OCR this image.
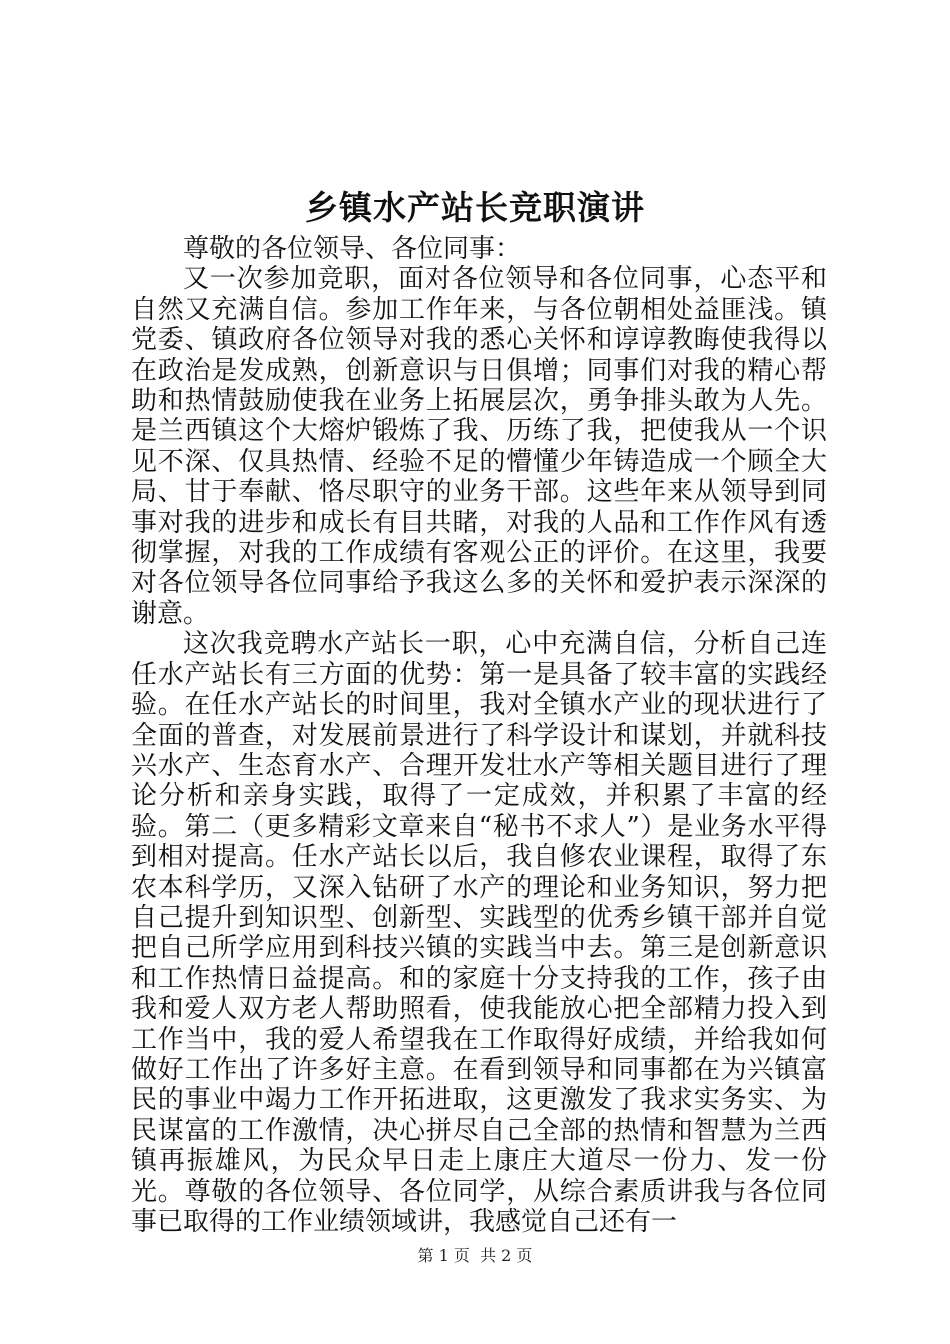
乡镇水产站长竞职演讲

尊敬的各位领导、各位同事：

又一次参加竞职，面对各位领导和各位同事，心态平和自然又充满自信。参加工作年来，与各位朝相处益匪浅。镇党委、镇政府各位领导对我的悉心关怀和谆谆教晦使我得以在政治是发成熟，创新意识与日俱增；同事们对我的精心帮助和热情鼓励使我在业务上拓展层次，勇争排头敢为人先。是兰西镇这个大熔炉锻炼了我、历练了我，把使我从一个识见不深、仅具热情、经验不足的懵懂少年铸造成一个顾全大局、甘于奉献、恪尽职守的业务干部。这些年来从领导到同事对我的进步和成长有目共睹，对我的人品和工作作风有透彻掌握，对我的工作成绩有客观公正的评价。在这里，我要对各位领导各位同事给予我这么多的关怀和爱护表示深深的谢意。

这次我竞聘水产站长一职，心中充满自信，分析自己连任水产站长有三方面的优势：第一是具备了较丰富的实践经验。在任水产站长的时间里，我对全镇水产业的现状进行了全面的普查，对发展前景进行了科学设计和谋划，并就科技兴水产、生态育水产、合理开发壮水产等相关题目进行了理论分析和亲身实践，取得了一定成效，并积累了丰富的经验。第二（更多精彩文章来自“秘书不求人”）是业务水平得到相对提高。任水产站长以后，我自修农业课程，取得了东农本科学历，又深入钻研了水产的理论和业务知识，努力把自己提升到知识型、创新型、实践型的优秀乡镇干部并自觉把自己所学应用到科技兴镇的实践当中去。第三是创新意识和工作热情日益提高。和的家庭十分支持我的工作，孩子由我和爱人双方老人帮助照看，使我能放心把全部精力投入到工作当中，我的爱人希望我在工作取得好成绩，并给我如何做好工作出了许多好主意。在看到领导和同事都在为兴镇富民的事业中竭力工作开拓进取，这更激发了我求实务实、为民谋富的工作激情，决心拼尽自己全部的热情和智慧为兰西镇再振雄风，为民众早日走上康庄大道尽一份力、发一份光。尊敬的各位领导、各位同学，从综合素质讲我与各位同事已取得的工作业绩领域讲，我感觉自己还有一

第 1 页 共 2 页
